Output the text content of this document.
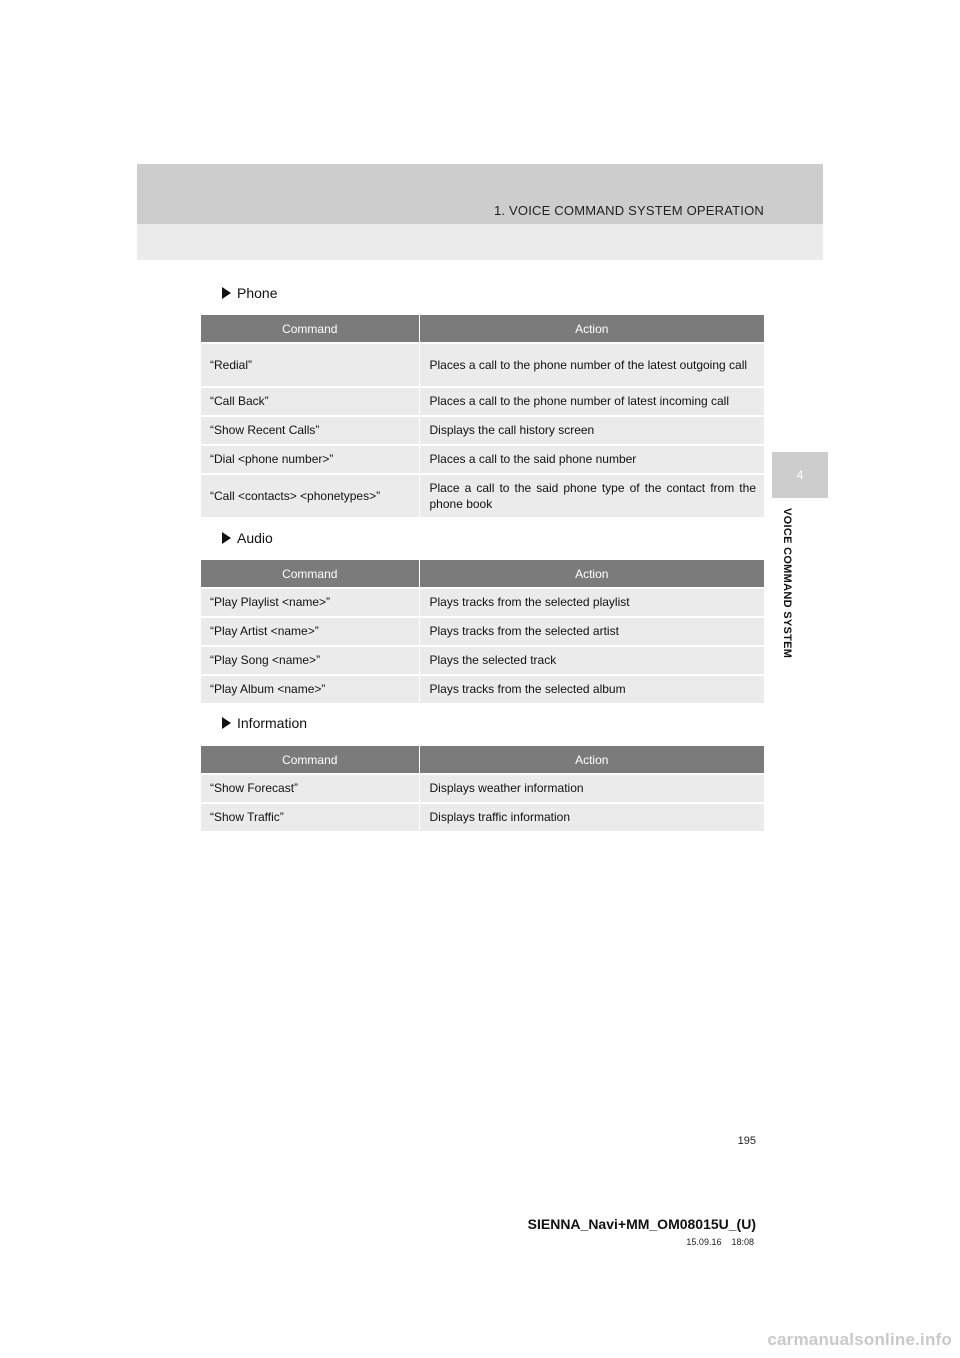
1. VOICE COMMAND SYSTEM OPERATION
4
VOICE COMMAND SYSTEM
Phone
Command	Action
“Redial”	Places a call to the phone number of the latest outgoing call
“Call Back”	Places a call to the phone number of latest incoming call
“Show Recent Calls”	Displays the call history screen
“Dial <phone number>”	Places a call to the said phone number
“Call <contacts> <phonetypes>”	Place a call to the said phone type of the contact from the phone book
Audio
Command	Action
“Play Playlist <name>”	Plays tracks from the selected playlist
“Play Artist <name>”	Plays tracks from the selected artist
“Play Song <name>”	Plays the selected track
“Play Album <name>”	Plays tracks from the selected album
Information
Command	Action
“Show Forecast”	Displays weather information
“Show Traffic”	Displays traffic information
195
SIENNA_Navi+MM_OM08015U_(U)
15.09.16 18:08
carmanualsonline.info
